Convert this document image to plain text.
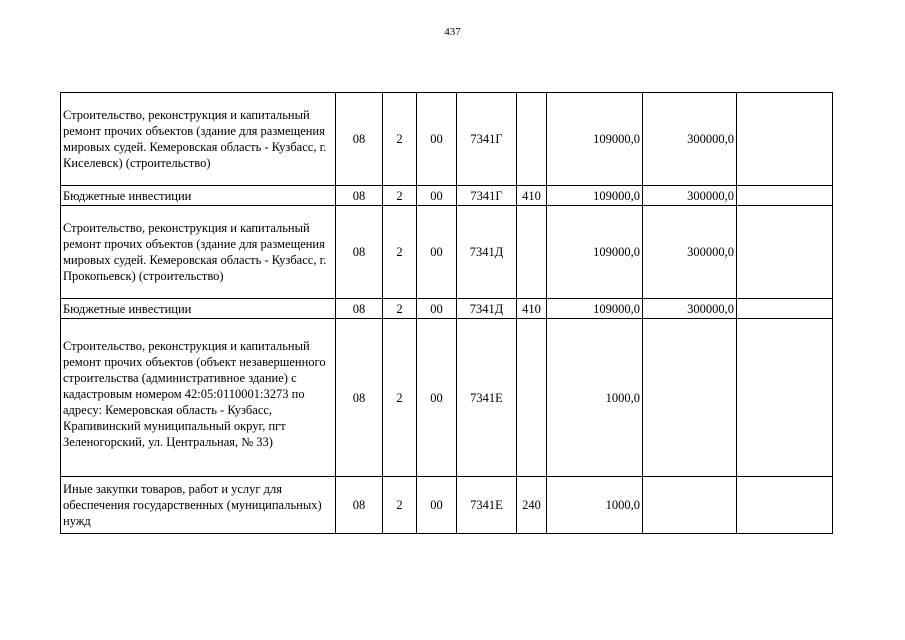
437
Строительство, реконструкция и капитальный ремонт прочих объектов (здание для размещения мировых судей. Кемеровская область - Кузбасс, г. Киселевск) (строительство)	08	2	00	7341Г		109000,0	300000,0	
Бюджетные инвестиции	08	2	00	7341Г	410	109000,0	300000,0	
Строительство, реконструкция и капитальный ремонт прочих объектов (здание для размещения мировых судей. Кемеровская область - Кузбасс, г. Прокопьевск) (строительство)	08	2	00	7341Д		109000,0	300000,0	
Бюджетные инвестиции	08	2	00	7341Д	410	109000,0	300000,0	
Строительство, реконструкция и капитальный ремонт прочих объектов (объект незавершенного строительства (административное здание) с кадастровым номером 42:05:0110001:3273 по адресу: Кемеровская область - Кузбасс, Крапивинский муниципальный округ, пгт Зеленогорский, ул. Центральная, № 33)	08	2	00	7341Е		1000,0		
Иные закупки товаров, работ и услуг для обеспечения государственных (муниципальных) нужд	08	2	00	7341Е	240	1000,0		
